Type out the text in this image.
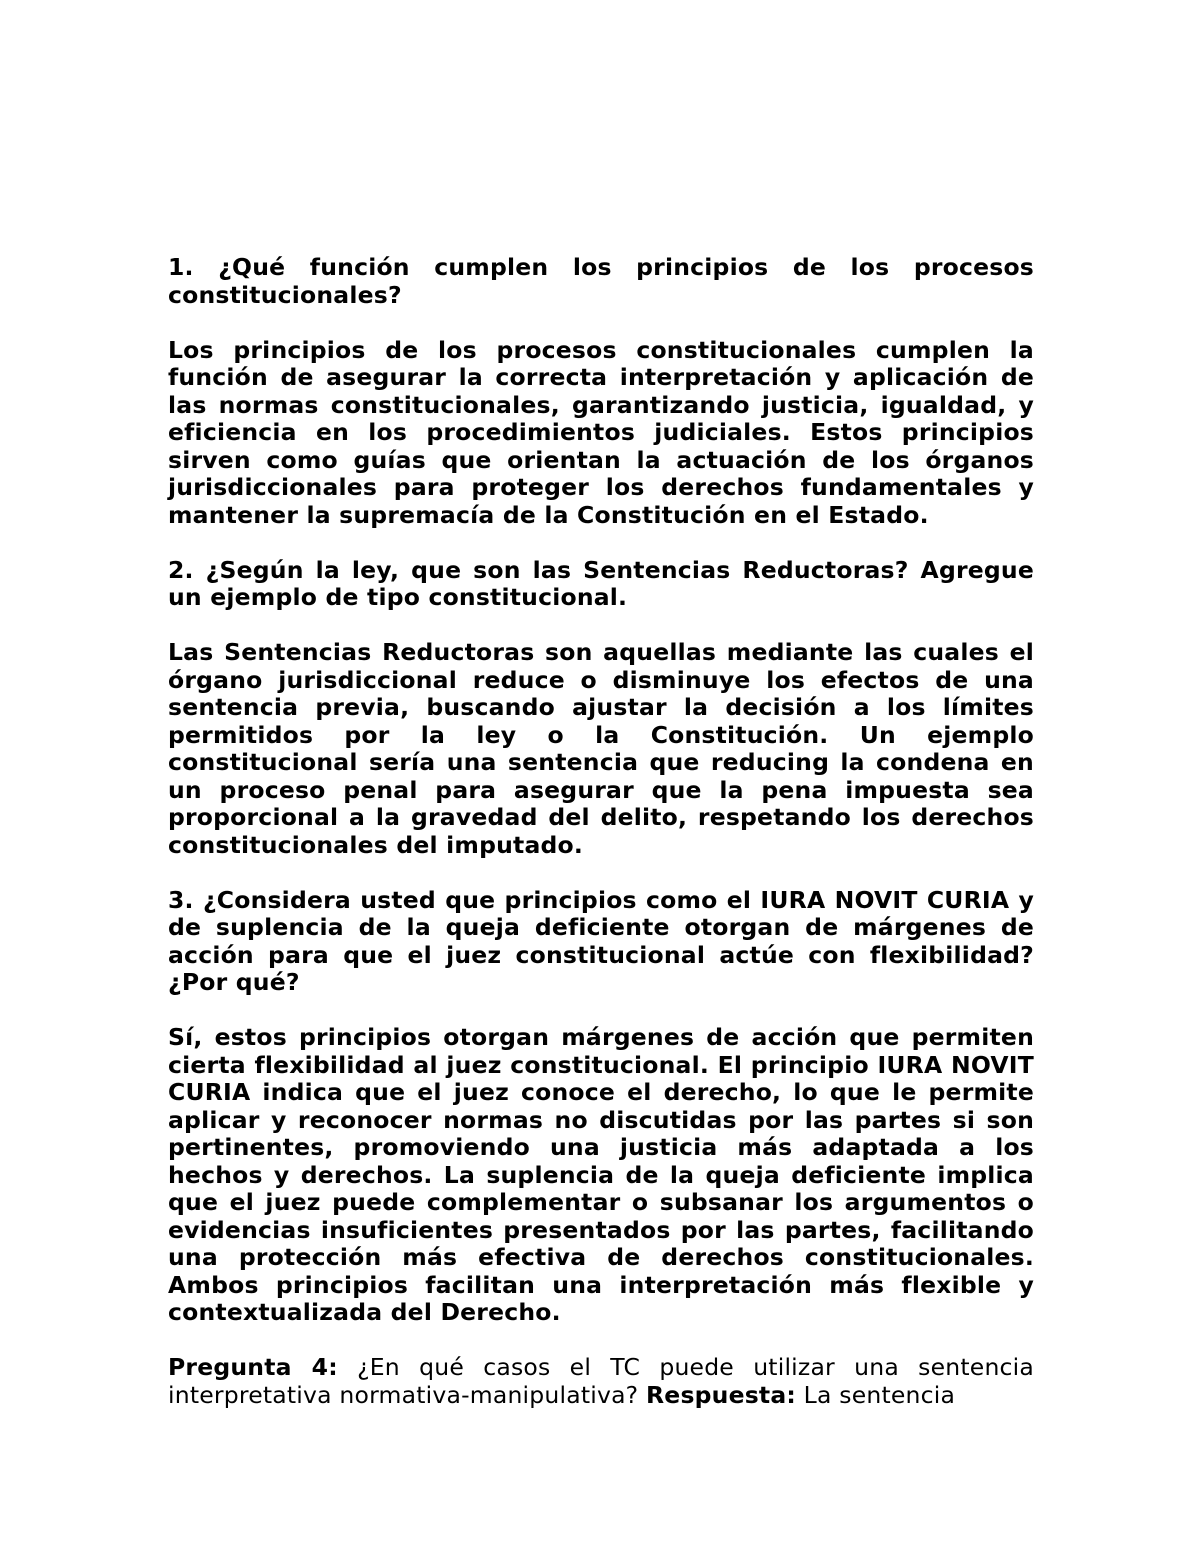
1. ¿Qué función cumplen los principios de los procesos constitucionales?

Los principios de los procesos constitucionales cumplen la función de asegurar la correcta interpretación y aplicación de las normas constitucionales, garantizando justicia, igualdad, y eficiencia en los procedimientos judiciales. Estos principios sirven como guías que orientan la actuación de los órganos jurisdiccionales para proteger los derechos fundamentales y mantener la supremacía de la Constitución en el Estado.

2. ¿Según la ley, que son las Sentencias Reductoras? Agregue un ejemplo de tipo constitucional.

Las Sentencias Reductoras son aquellas mediante las cuales el órgano jurisdiccional reduce o disminuye los efectos de una sentencia previa, buscando ajustar la decisión a los límites permitidos por la ley o la Constitución. Un ejemplo constitucional sería una sentencia que reducing la condena en un proceso penal para asegurar que la pena impuesta sea proporcional a la gravedad del delito, respetando los derechos constitucionales del imputado.

3. ¿Considera usted que principios como el IURA NOVIT CURIA y de suplencia de la queja deficiente otorgan de márgenes de acción para que el juez constitucional actúe con flexibilidad? ¿Por qué?

Sí, estos principios otorgan márgenes de acción que permiten cierta flexibilidad al juez constitucional. El principio IURA NOVIT CURIA indica que el juez conoce el derecho, lo que le permite aplicar y reconocer normas no discutidas por las partes si son pertinentes, promoviendo una justicia más adaptada a los hechos y derechos. La suplencia de la queja deficiente implica que el juez puede complementar o subsanar los argumentos o evidencias insuficientes presentados por las partes, facilitando una protección más efectiva de derechos constitucionales. Ambos principios facilitan una interpretación más flexible y contextualizada del Derecho.

Pregunta 4: ¿En qué casos el TC puede utilizar una sentencia interpretativa normativa-manipulativa? Respuesta: La sentencia
